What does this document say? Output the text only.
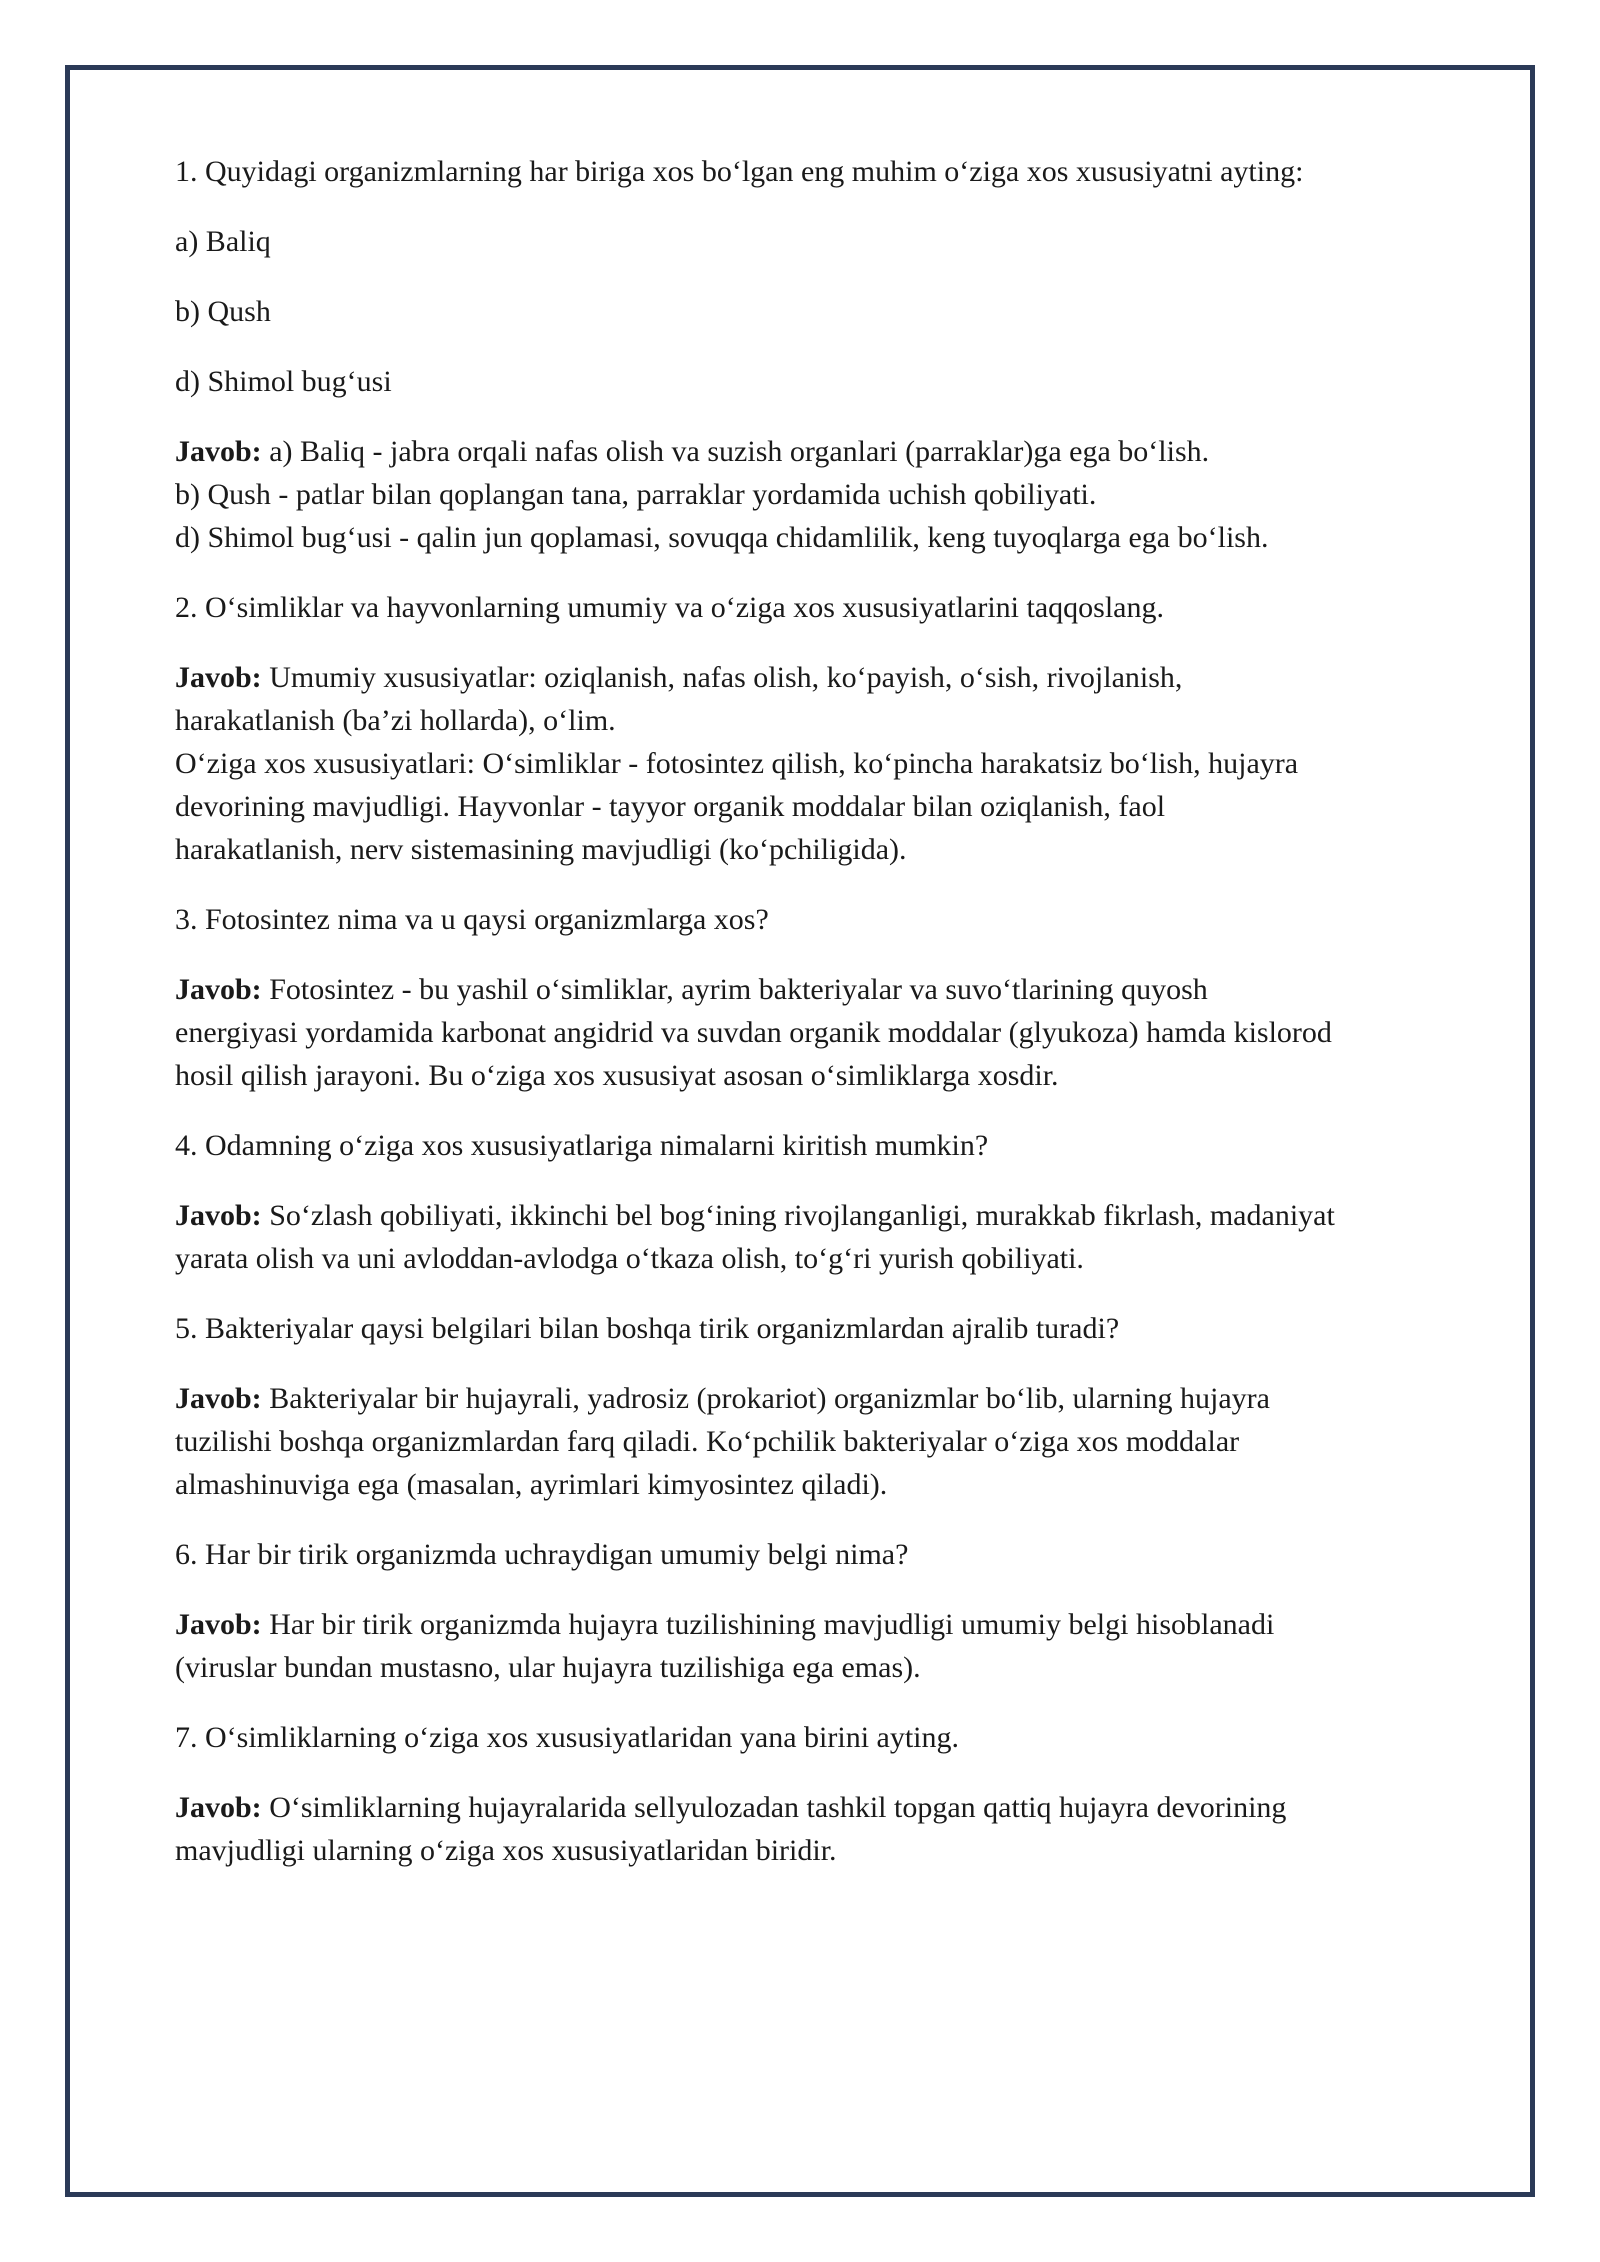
1. Quyidagi organizmlarning har biriga xos bo‘lgan eng muhim o‘ziga xos xususiyatni ayting:

a) Baliq

b) Qush

d) Shimol bug‘usi

Javob: a) Baliq - jabra orqali nafas olish va suzish organlari (parraklar)ga ega bo‘lish.
b) Qush - patlar bilan qoplangan tana, parraklar yordamida uchish qobiliyati.
d) Shimol bug‘usi - qalin jun qoplamasi, sovuqqa chidamlilik, keng tuyoqlarga ega bo‘lish.

2. O‘simliklar va hayvonlarning umumiy va o‘ziga xos xususiyatlarini taqqoslang.

Javob: Umumiy xususiyatlar: oziqlanish, nafas olish, ko‘payish, o‘sish, rivojlanish,
harakatlanish (ba’zi hollarda), o‘lim.
O‘ziga xos xususiyatlari: O‘simliklar - fotosintez qilish, ko‘pincha harakatsiz bo‘lish, hujayra
devorining mavjudligi. Hayvonlar - tayyor organik moddalar bilan oziqlanish, faol
harakatlanish, nerv sistemasining mavjudligi (ko‘pchiligida).

3. Fotosintez nima va u qaysi organizmlarga xos?

Javob: Fotosintez - bu yashil o‘simliklar, ayrim bakteriyalar va suvo‘tlarining quyosh
energiyasi yordamida karbonat angidrid va suvdan organik moddalar (glyukoza) hamda kislorod
hosil qilish jarayoni. Bu o‘ziga xos xususiyat asosan o‘simliklarga xosdir.

4. Odamning o‘ziga xos xususiyatlariga nimalarni kiritish mumkin?

Javob: So‘zlash qobiliyati, ikkinchi bel bog‘ining rivojlanganligi, murakkab fikrlash, madaniyat
yarata olish va uni avloddan-avlodga o‘tkaza olish, to‘g‘ri yurish qobiliyati.

5. Bakteriyalar qaysi belgilari bilan boshqa tirik organizmlardan ajralib turadi?

Javob: Bakteriyalar bir hujayrali, yadrosiz (prokariot) organizmlar bo‘lib, ularning hujayra
tuzilishi boshqa organizmlardan farq qiladi. Ko‘pchilik bakteriyalar o‘ziga xos moddalar
almashinuviga ega (masalan, ayrimlari kimyosintez qiladi).

6. Har bir tirik organizmda uchraydigan umumiy belgi nima?

Javob: Har bir tirik organizmda hujayra tuzilishining mavjudligi umumiy belgi hisoblanadi
(viruslar bundan mustasno, ular hujayra tuzilishiga ega emas).

7. O‘simliklarning o‘ziga xos xususiyatlaridan yana birini ayting.

Javob: O‘simliklarning hujayralarida sellyulozadan tashkil topgan qattiq hujayra devorining
mavjudligi ularning o‘ziga xos xususiyatlaridan biridir.
